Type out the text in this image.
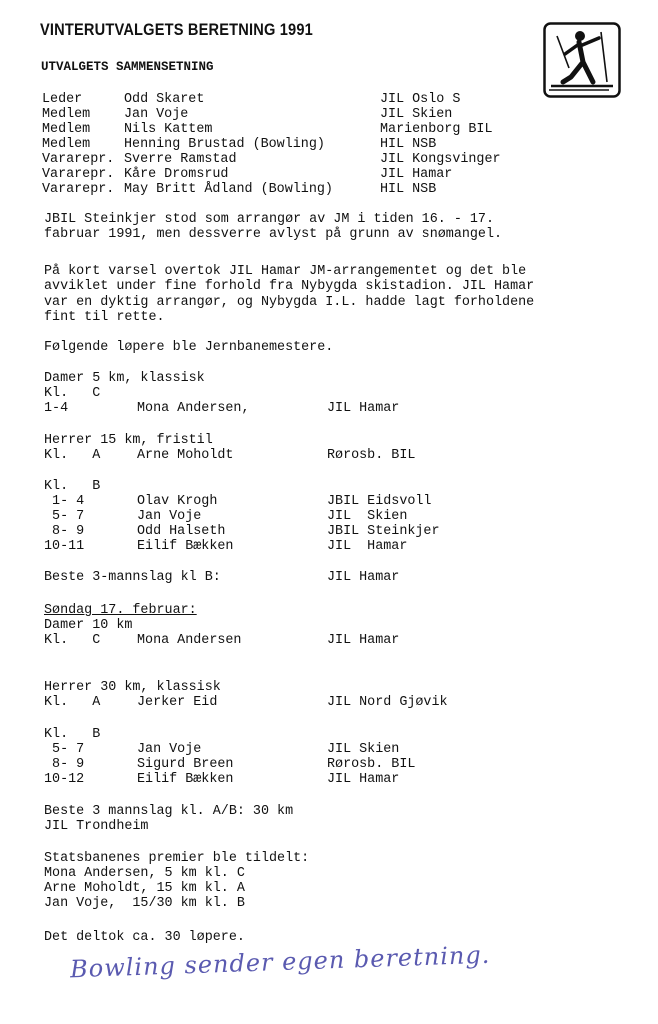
VINTERUTVALGETS BERETNING 1991
UTVALGETS SAMMENSETNING
Leder	Odd Skaret	JIL Oslo S
Medlem	Jan Voje	JIL Skien
Medlem	Nils Kattem	Marienborg BIL
Medlem	Henning Brustad (Bowling)	HIL NSB
Vararepr. Sverre Ramstad	JIL Kongsvinger
Vararepr. Kåre Dromsrud	JIL Hamar
Vararepr. May Britt Ådland (Bowling)	HIL NSB
JBIL Steinkjer stod som arrangør av JM i tiden 16. - 17.
fabruar 1991, men dessverre avlyst på grunn av snømangel.
På kort varsel overtok JIL Hamar JM-arrangementet og det ble
avviklet under fine forhold fra Nybygda skistadion. JIL Hamar
var en dyktig arrangør, og Nybygda I.L. hadde lagt forholdene
fint til rette.
Følgende løpere ble Jernbanemestere.
Damer 5 km, klassisk
Kl.   C
1-4	Mona Andersen,	JIL Hamar
Herrer 15 km, fristil
Kl.   A	Arne Moholdt	Rørosb. BIL
Kl.   B
1- 4	Olav Krogh	JBIL Eidsvoll
5- 7	Jan Voje	JIL  Skien
8- 9	Odd Halseth	JBIL Steinkjer
10-11	Eilif Bækken	JIL  Hamar
Beste 3-mannslag kl B:	JIL Hamar
Søndag 17. februar:
Damer 10 km
Kl.   C	Mona Andersen	JIL Hamar
Herrer 30 km, klassisk
Kl.   A	Jerker Eid	JIL Nord Gjøvik
Kl.   B
5- 7	Jan Voje	JIL Skien
8- 9	Sigurd Breen	Rørosb. BIL
10-12	Eilif Bækken	JIL Hamar
Beste 3 mannslag kl. A/B: 30 km
JIL Trondheim
Statsbanenes premier ble tildelt:
Mona Andersen, 5 km kl. C
Arne Moholdt, 15 km kl. A
Jan Voje,  15/30 km kl. B
Det deltok ca. 30 løpere.
Bowling sender egen beretning.
